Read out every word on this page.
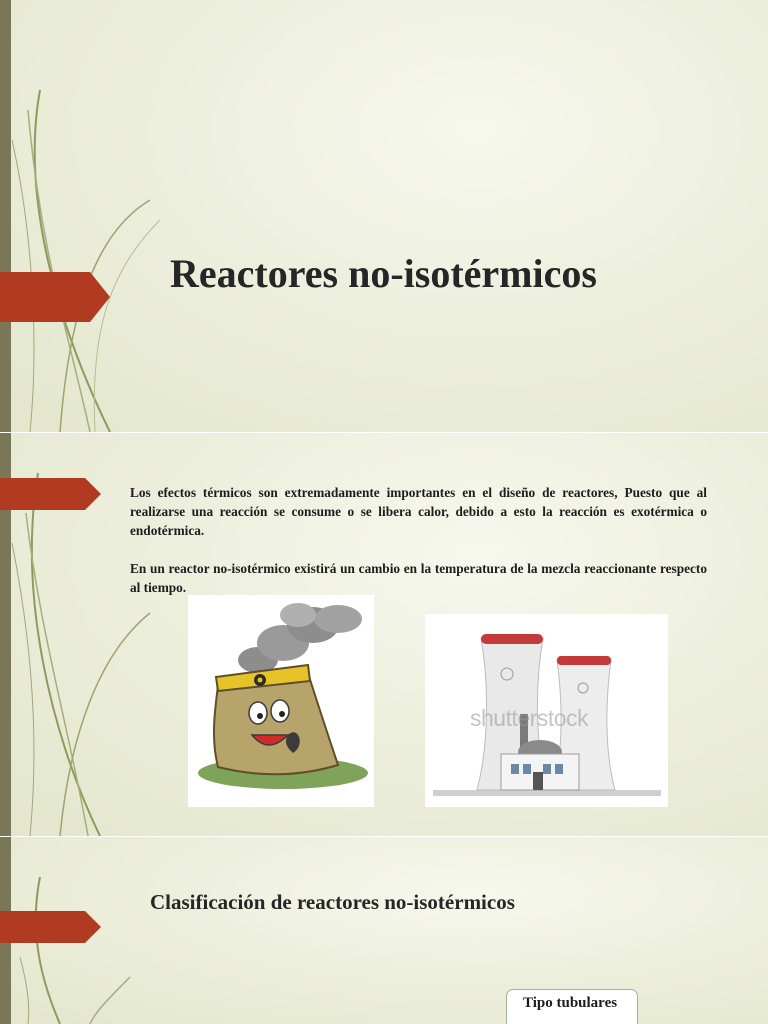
Reactores no-isotérmicos

Los efectos térmicos son extremadamente importantes en el diseño de reactores, Puesto que al realizarse una reacción se consume o se libera calor, debido a esto la reacción es exotérmica o endotérmica.

En un reactor no-isotérmico existirá un cambio en la temperatura de la mezcla reaccionante respecto al tiempo.

shutterstock

Clasificación de reactores no-isotérmicos

Tipo tubulares
